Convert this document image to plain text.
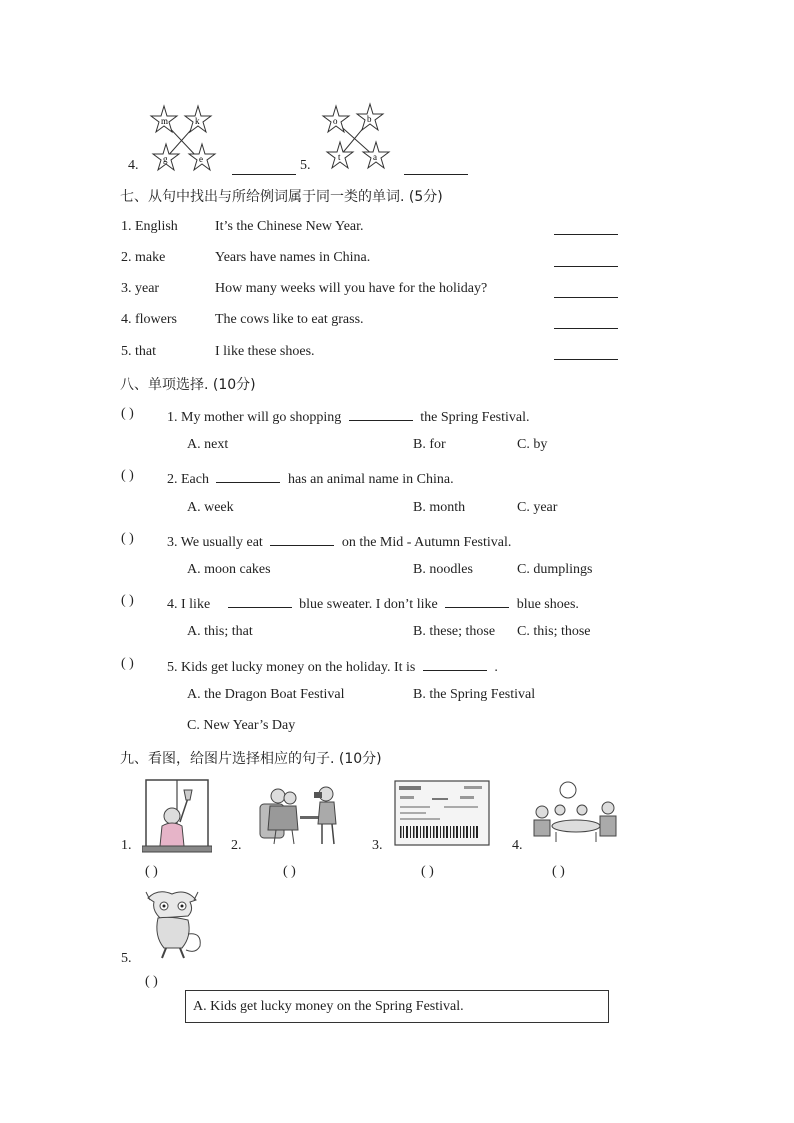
4.
m	k
g	e	5.
o	b
t	a
七、从句中找出与所给例词属于同一类的单词. (5分)
1. English	It’s the Chinese New Year.
2. make	Years have names in China.
3. year	How many weeks will you have for the holiday?
4. flowers	The cows like to eat grass.
5. that	I like these shoes.
八、单项选择. (10分)
( ) 1. My mother will go shopping	the Spring Festival.
A. next	B. for	C. by
( ) 2. Each	has an animal name in China.
A. week	B. month	C. year
( ) 3. We usually eat	on the Mid - Autumn Festival.
A. moon cakes	B. noodles	C. dumplings
( ) 4. I like	blue sweater. I don’t like	blue shoes.
A. this; that	B. these; those C. this; those
( ) 5. Kids get lucky money on the holiday. It is	.
A. the Dragon Boat Festival	B. the Spring Festival
C. New Year’s Day
九、看图，给图片选择相应的句子. (10分)
1.
( )
2.
( )
3.
( )
4.
( )
5.
( )
A. Kids get lucky money on the Spring Festival.
